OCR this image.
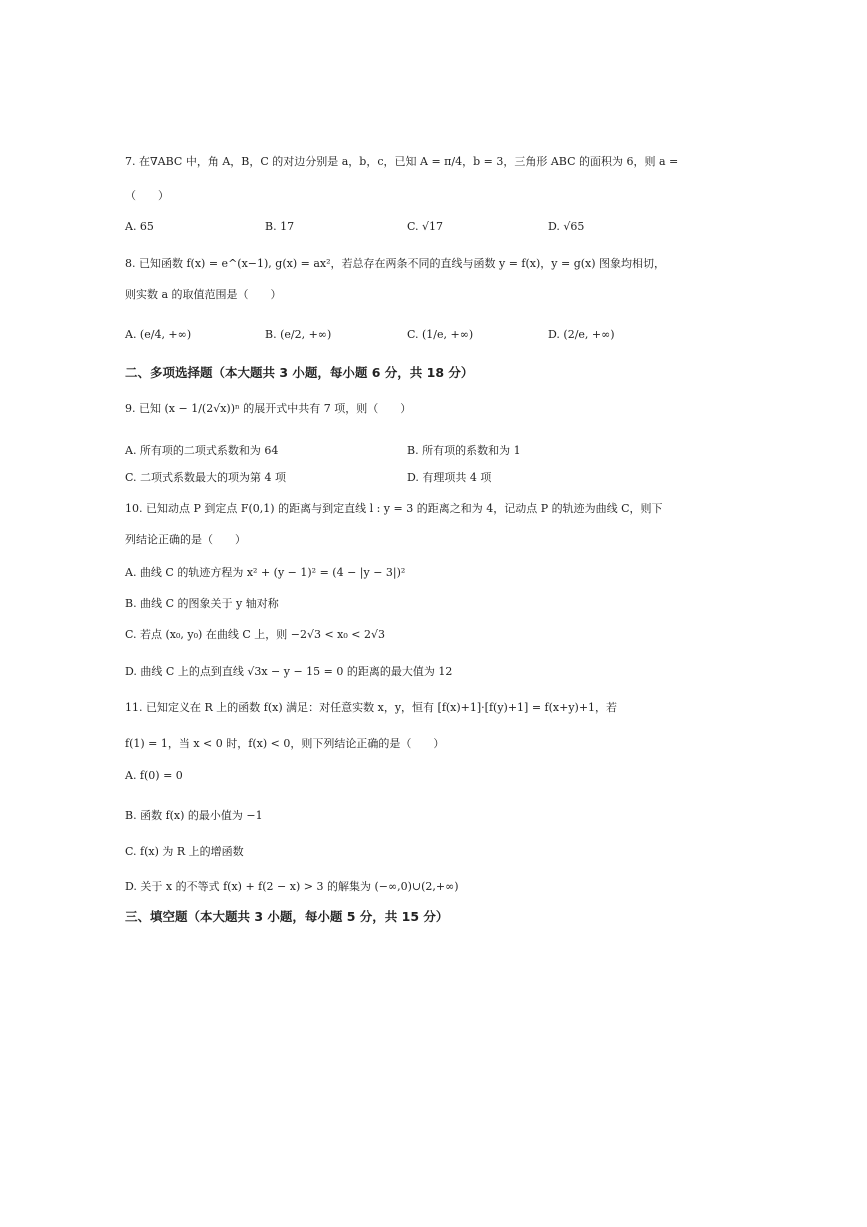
7. 在∇ABC 中，角 A，B，C 的对边分别是 a，b，c，已知 A = π/4，b = 3，三角形 ABC 的面积为 6，则 a =
（　　）
A. 65	B. 17	C. √17	D. √65
8. 已知函数 f(x) = e^(x−1), g(x) = ax²，若总存在两条不同的直线与函数 y = f(x)，y = g(x) 图象均相切，
则实数 a 的取值范围是（　　）
A. (e/4, +∞)	B. (e/2, +∞)	C. (1/e, +∞)	D. (2/e, +∞)
二、多项选择题（本大题共 3 小题，每小题 6 分，共 18 分）
9. 已知 (x − 1/(2√x))ⁿ 的展开式中共有 7 项，则（　　）
A. 所有项的二项式系数和为 64	B. 所有项的系数和为 1
C. 二项式系数最大的项为第 4 项	D. 有理项共 4 项
10. 已知动点 P 到定点 F(0,1) 的距离与到定直线 l : y = 3 的距离之和为 4，记动点 P 的轨迹为曲线 C，则下
列结论正确的是（　　）
A. 曲线 C 的轨迹方程为 x² + (y − 1)² = (4 − |y − 3|)²
B. 曲线 C 的图象关于 y 轴对称
C. 若点 (x₀, y₀) 在曲线 C 上，则 −2√3 < x₀ < 2√3
D. 曲线 C 上的点到直线 √3x − y − 15 = 0 的距离的最大值为 12
11. 已知定义在 R 上的函数 f(x) 满足：对任意实数 x，y，恒有 [f(x)+1]·[f(y)+1] = f(x+y)+1，若
f(1) = 1，当 x < 0 时，f(x) < 0，则下列结论正确的是（　　）
A. f(0) = 0
B. 函数 f(x) 的最小值为 −1
C. f(x) 为 R 上的增函数
D. 关于 x 的不等式 f(x) + f(2 − x) > 3 的解集为 (−∞,0)∪(2,+∞)
三、填空题（本大题共 3 小题，每小题 5 分，共 15 分）
